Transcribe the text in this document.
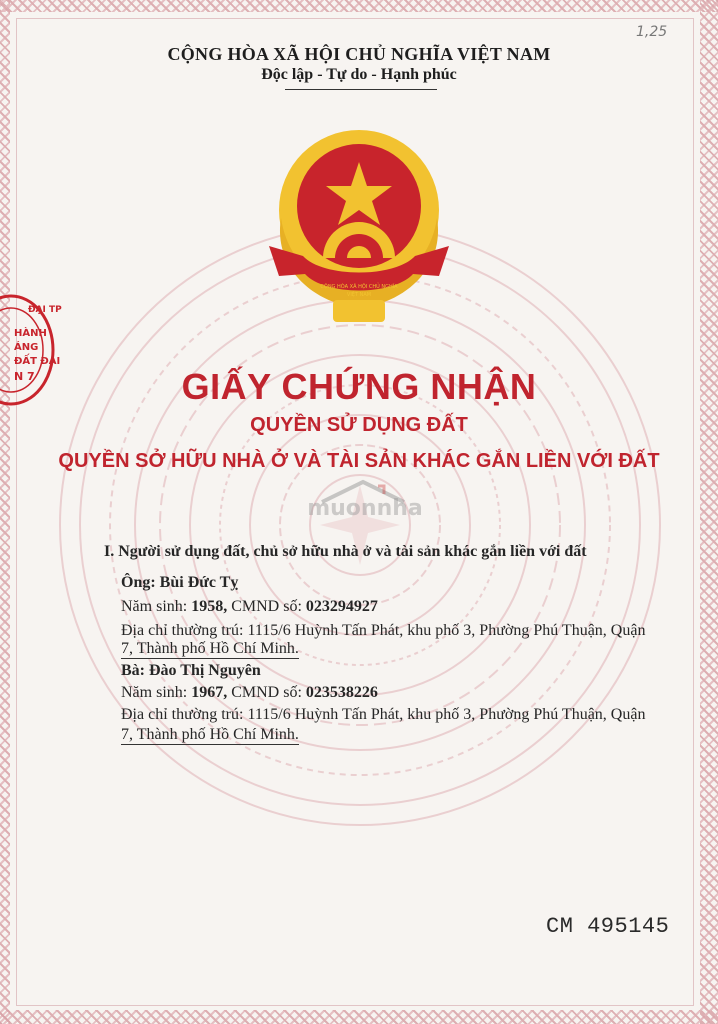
1,25
CỘNG HÒA XÃ HỘI CHỦ NGHĨA VIỆT NAM
Độc lập - Tự do - Hạnh phúc
CỘNG HÒA XÃ HỘI CHỦ NGHĨA
VIỆT NAM
ĐẠI TP
HÀNH
ÁNG
ĐẤT ĐAI
N 7	GIẤY CHỨNG NHẬN
QUYỀN SỬ DỤNG ĐẤT
QUYỀN SỞ HỮU NHÀ Ở VÀ TÀI SẢN KHÁC GẮN LIỀN VỚI ĐẤT
muonnha
I. Người sử dụng đất, chủ sở hữu nhà ở và tài sản khác gắn liền với đất
Ông: Bùi Đức Tỵ
Năm sinh: 1958, CMND số: 023294927
Địa chỉ thường trú: 1115/6 Huỳnh Tấn Phát, khu phố 3, Phường Phú Thuận, Quận
7, Thành phố Hồ Chí Minh.
Bà: Đào Thị Nguyên
Năm sinh: 1967, CMND số: 023538226
Địa chỉ thường trú: 1115/6 Huỳnh Tấn Phát, khu phố 3, Phường Phú Thuận, Quận
7, Thành phố Hồ Chí Minh.
CM 495145
